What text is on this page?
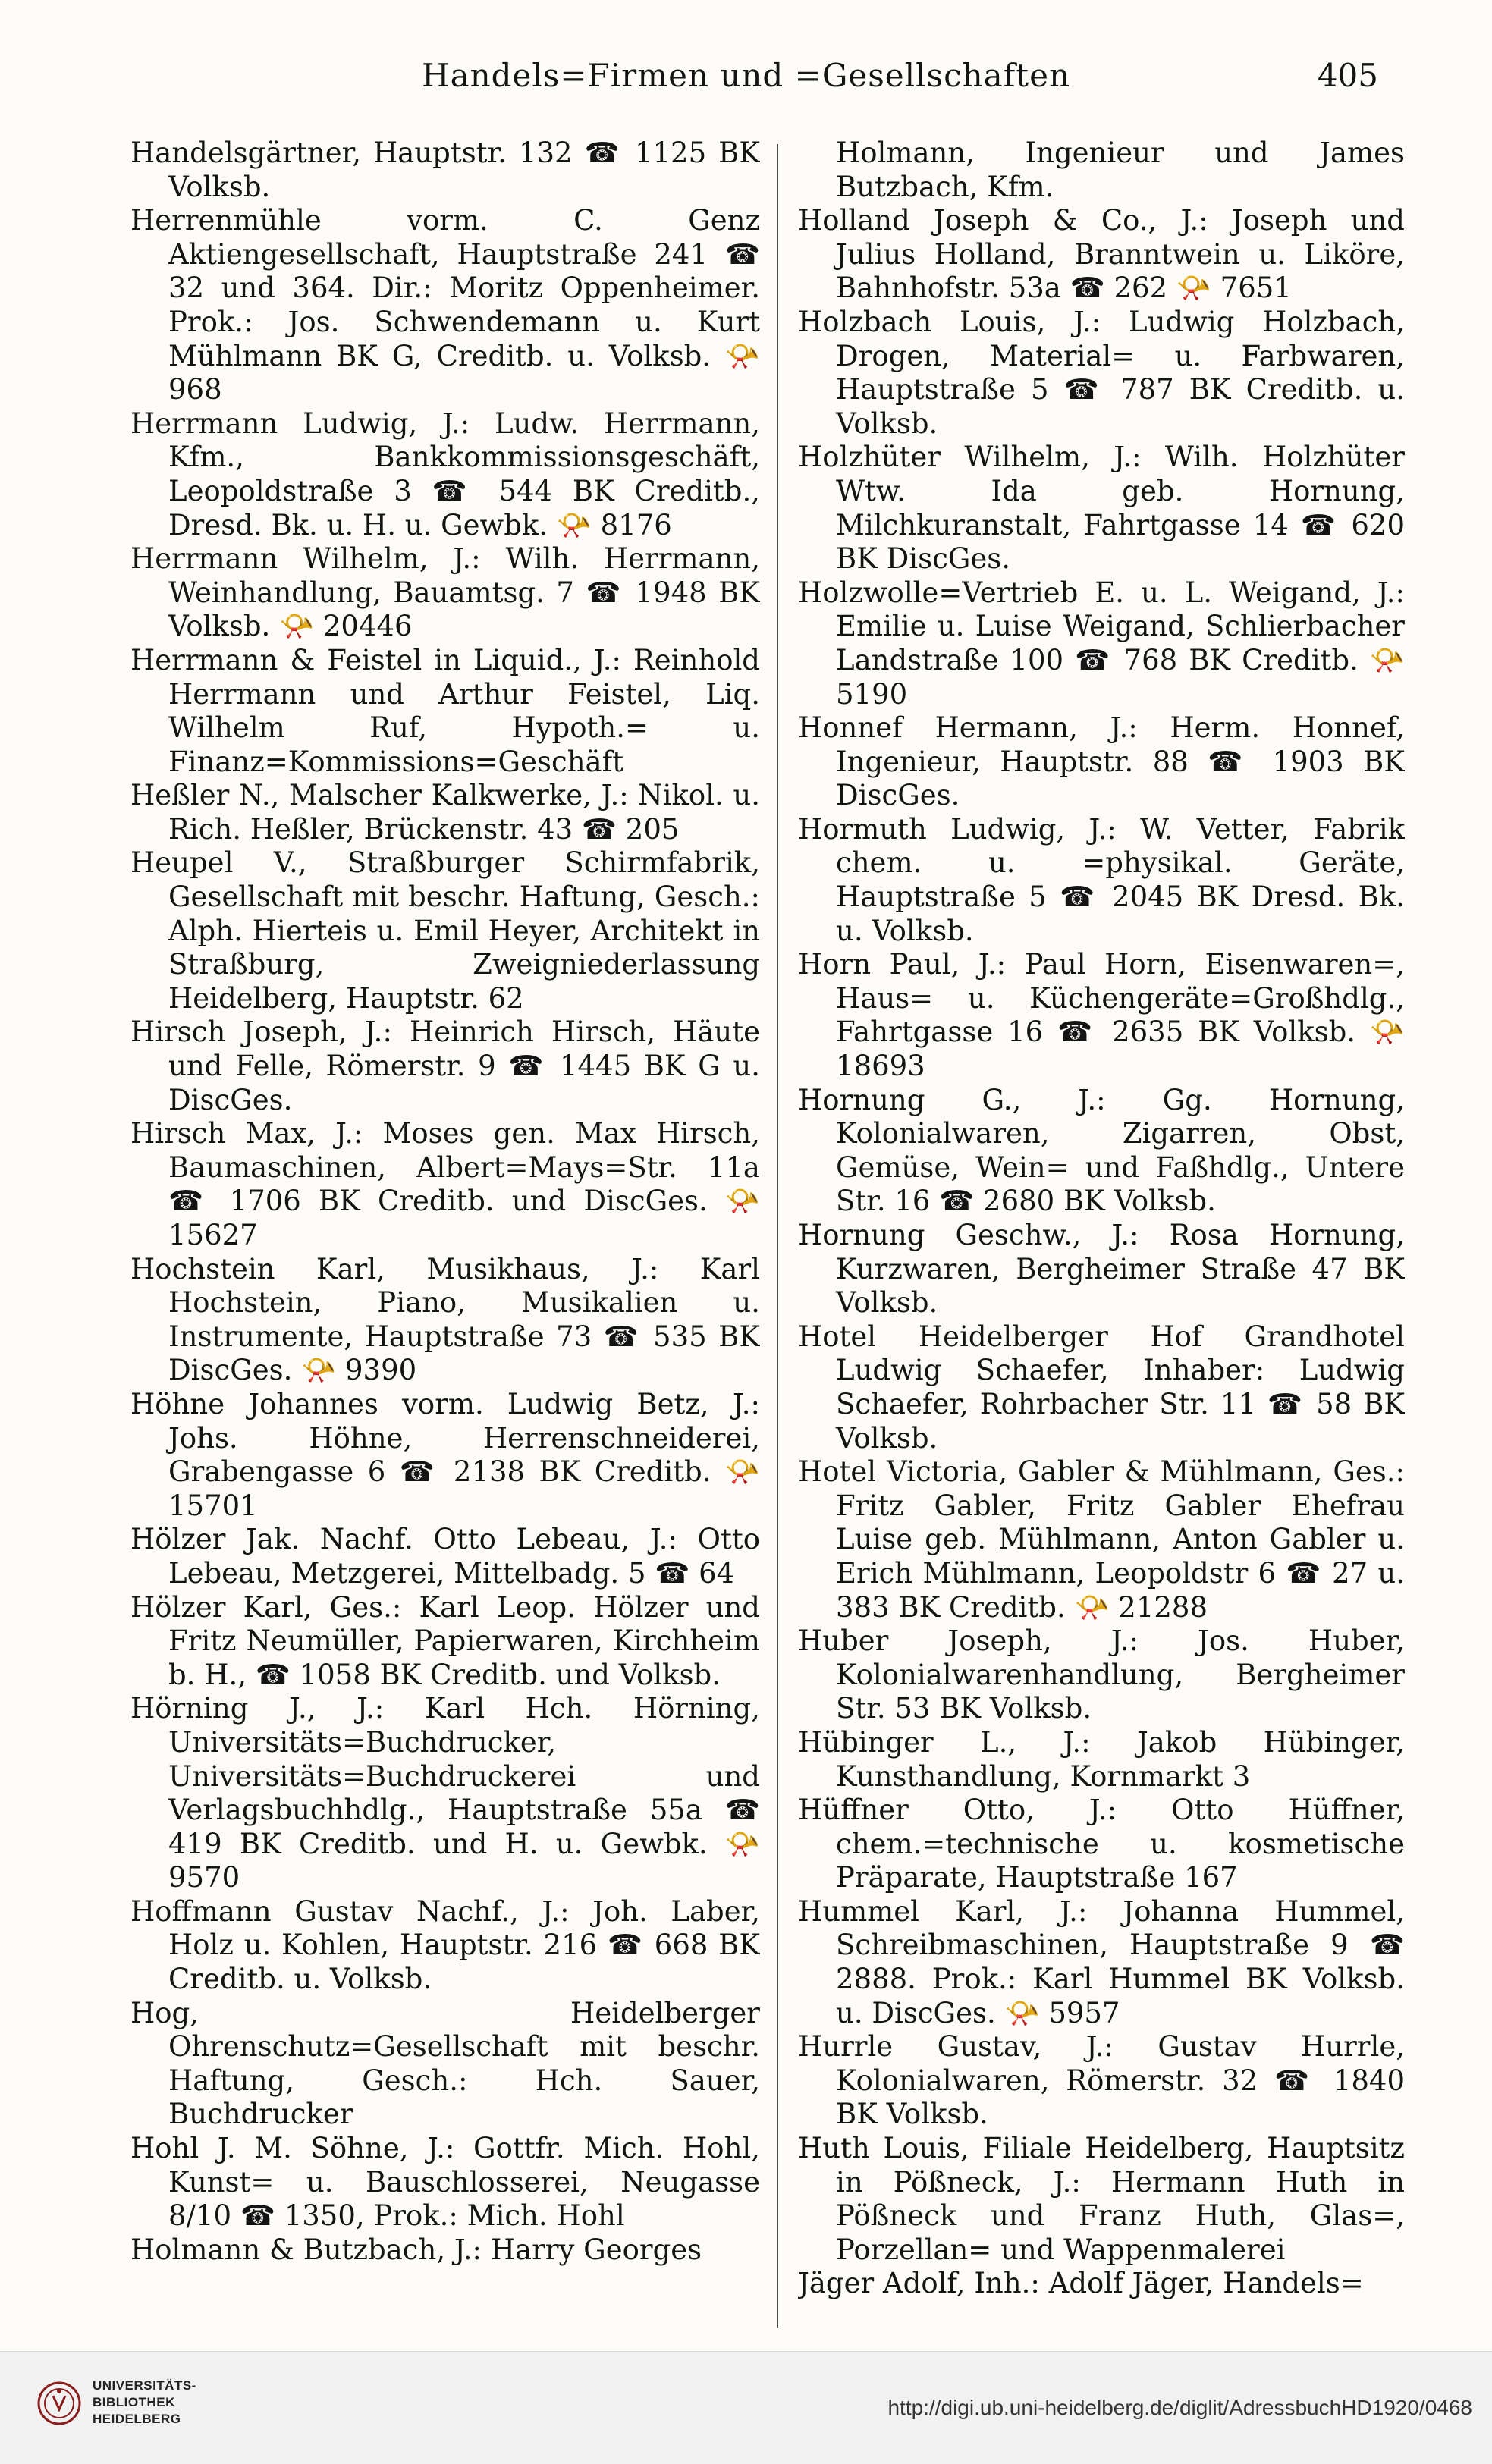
Handels=Firmen und =Gesellschaften	405

Handelsgärtner, Hauptstr. 132 ☎ 1125 BK Volksb.

Herrenmühle vorm. C. Genz Aktiengesellschaft, Hauptstraße 241 ☎ 32 und 364. Dir.: Moritz Oppenheimer. Prok.: Jos. Schwendemann u. Kurt Mühlmann BK G, Creditb. u. Volksb. 📯 968

Herrmann Ludwig, J.: Ludw. Herrmann, Kfm., Bankkommissionsgeschäft, Leopoldstraße 3 ☎ 544 BK Creditb., Dresd. Bk. u. H. u. Gewbk. 📯 8176

Herrmann Wilhelm, J.: Wilh. Herrmann, Weinhandlung, Bauamtsg. 7 ☎ 1948 BK Volksb. 📯 20446

Herrmann & Feistel in Liquid., J.: Reinhold Herrmann und Arthur Feistel, Liq. Wilhelm Ruf, Hypoth.= u. Finanz=Kommissions=Geschäft

Heßler N., Malscher Kalkwerke, J.: Nikol. u. Rich. Heßler, Brückenstr. 43 ☎ 205

Heupel V., Straßburger Schirmfabrik, Gesellschaft mit beschr. Haftung, Gesch.: Alph. Hierteis u. Emil Heyer, Architekt in Straßburg, Zweigniederlassung Heidelberg, Hauptstr. 62

Hirsch Joseph, J.: Heinrich Hirsch, Häute und Felle, Römerstr. 9 ☎ 1445 BK G u. DiscGes.

Hirsch Max, J.: Moses gen. Max Hirsch, Baumaschinen, Albert=Mays=Str. 11a ☎ 1706 BK Creditb. und DiscGes. 📯 15627

Hochstein Karl, Musikhaus, J.: Karl Hochstein, Piano, Musikalien u. Instrumente, Hauptstraße 73 ☎ 535 BK DiscGes. 📯 9390

Höhne Johannes vorm. Ludwig Betz, J.: Johs. Höhne, Herrenschneiderei, Grabengasse 6 ☎ 2138 BK Creditb. 📯 15701

Hölzer Jak. Nachf. Otto Lebeau, J.: Otto Lebeau, Metzgerei, Mittelbadg. 5 ☎ 64

Hölzer Karl, Ges.: Karl Leop. Hölzer und Fritz Neumüller, Papierwaren, Kirchheim b. H., ☎ 1058 BK Creditb. und Volksb.

Hörning J., J.: Karl Hch. Hörning, Universitäts=Buchdrucker, Universitäts=Buchdruckerei und Verlagsbuchhdlg., Hauptstraße 55a ☎ 419 BK Creditb. und H. u. Gewbk. 📯 9570

Hoffmann Gustav Nachf., J.: Joh. Laber, Holz u. Kohlen, Hauptstr. 216 ☎ 668 BK Creditb. u. Volksb.

Hog, Heidelberger Ohrenschutz=Gesellschaft mit beschr. Haftung, Gesch.: Hch. Sauer, Buchdrucker

Hohl J. M. Söhne, J.: Gottfr. Mich. Hohl, Kunst= u. Bauschlosserei, Neugasse 8/10 ☎ 1350, Prok.: Mich. Hohl

Holmann & Butzbach, J.: Harry Georges

Holmann, Ingenieur und James Butzbach, Kfm.

Holland Joseph & Co., J.: Joseph und Julius Holland, Branntwein u. Liköre, Bahnhofstr. 53a ☎ 262 📯 7651

Holzbach Louis, J.: Ludwig Holzbach, Drogen, Material= u. Farbwaren, Hauptstraße 5 ☎ 787 BK Creditb. u. Volksb.

Holzhüter Wilhelm, J.: Wilh. Holzhüter Wtw. Ida geb. Hornung, Milchkuranstalt, Fahrtgasse 14 ☎ 620 BK DiscGes.

Holzwolle=Vertrieb E. u. L. Weigand, J.: Emilie u. Luise Weigand, Schlierbacher Landstraße 100 ☎ 768 BK Creditb. 📯 5190

Honnef Hermann, J.: Herm. Honnef, Ingenieur, Hauptstr. 88 ☎ 1903 BK DiscGes.

Hormuth Ludwig, J.: W. Vetter, Fabrik chem. u. =physikal. Geräte, Hauptstraße 5 ☎ 2045 BK Dresd. Bk. u. Volksb.

Horn Paul, J.: Paul Horn, Eisenwaren=, Haus= u. Küchengeräte=Großhdlg., Fahrtgasse 16 ☎ 2635 BK Volksb. 📯 18693

Hornung G., J.: Gg. Hornung, Kolonialwaren, Zigarren, Obst, Gemüse, Wein= und Faßhdlg., Untere Str. 16 ☎ 2680 BK Volksb.

Hornung Geschw., J.: Rosa Hornung, Kurzwaren, Bergheimer Straße 47 BK Volksb.

Hotel Heidelberger Hof Grandhotel Ludwig Schaefer, Inhaber: Ludwig Schaefer, Rohrbacher Str. 11 ☎ 58 BK Volksb.

Hotel Victoria, Gabler & Mühlmann, Ges.: Fritz Gabler, Fritz Gabler Ehefrau Luise geb. Mühlmann, Anton Gabler u. Erich Mühlmann, Leopoldstr 6 ☎ 27 u. 383 BK Creditb. 📯 21288

Huber Joseph, J.: Jos. Huber, Kolonialwarenhandlung, Bergheimer Str. 53 BK Volksb.

Hübinger L., J.: Jakob Hübinger, Kunsthandlung, Kornmarkt 3

Hüffner Otto, J.: Otto Hüffner, chem.=technische u. kosmetische Präparate, Hauptstraße 167

Hummel Karl, J.: Johanna Hummel, Schreibmaschinen, Hauptstraße 9 ☎ 2888. Prok.: Karl Hummel BK Volksb. u. DiscGes. 📯 5957

Hurrle Gustav, J.: Gustav Hurrle, Kolonialwaren, Römerstr. 32 ☎ 1840 BK Volksb.

Huth Louis, Filiale Heidelberg, Hauptsitz in Pößneck, J.: Hermann Huth in Pößneck und Franz Huth, Glas=, Porzellan= und Wappenmalerei

Jäger Adolf, Inh.: Adolf Jäger, Handels=

UNIVERSITÄTS-
BIBLIOTHEK
HEIDELBERG	http://digi.ub.uni-heidelberg.de/diglit/AdressbuchHD1920/0468
